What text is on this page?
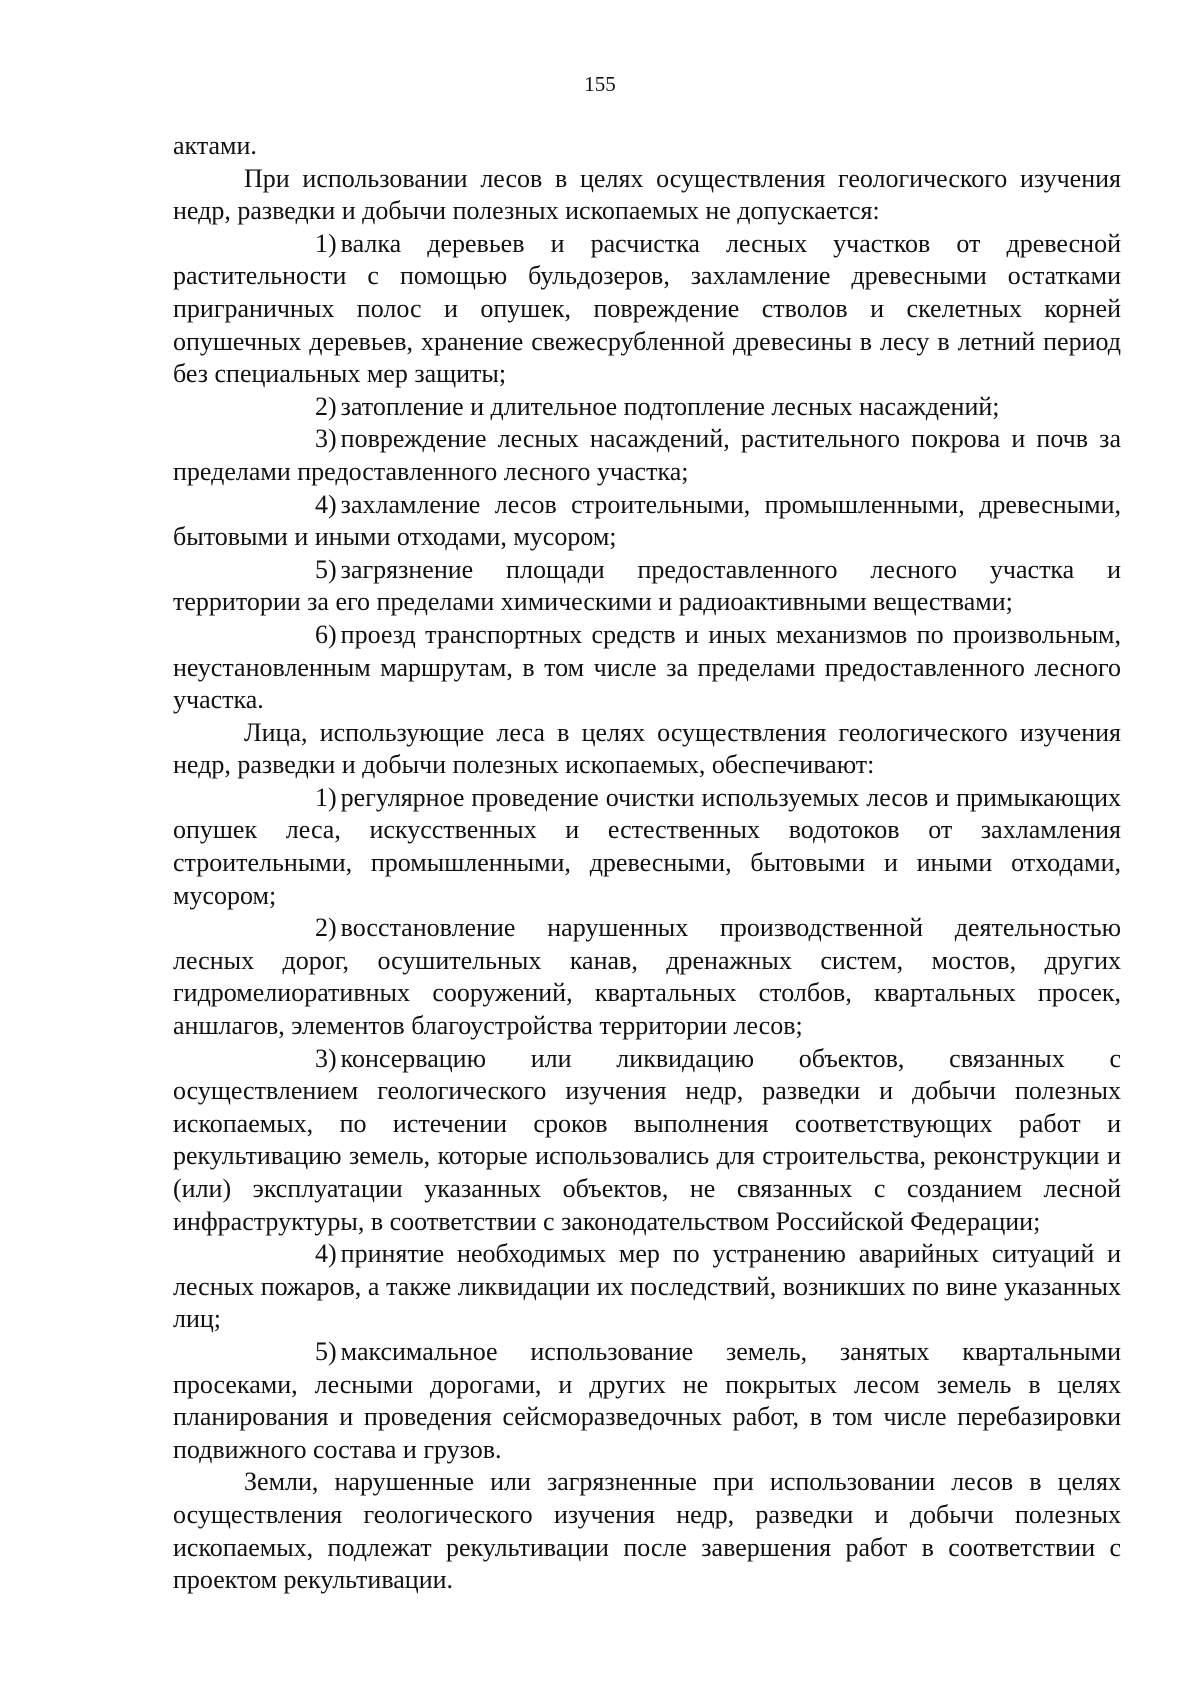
155

актами.

При использовании лесов в целях осуществления геологического изучения недр, разведки и добычи полезных ископаемых не допускается:

1) валка деревьев и расчистка лесных участков от древесной растительности с помощью бульдозеров, захламление древесными остатками приграничных полос и опушек, повреждение стволов и скелетных корней опушечных деревьев, хранение свежесрубленной древесины в лесу в летний период без специальных мер защиты;

2) затопление и длительное подтопление лесных насаждений;

3) повреждение лесных насаждений, растительного покрова и почв за пределами предоставленного лесного участка;

4) захламление лесов строительными, промышленными, древесными, бытовыми и иными отходами, мусором;

5) загрязнение площади предоставленного лесного участка и территории за его пределами химическими и радиоактивными веществами;

6) проезд транспортных средств и иных механизмов по произвольным, неустановленным маршрутам, в том числе за пределами предоставленного лесного участка.

Лица, использующие леса в целях осуществления геологического изучения недр, разведки и добычи полезных ископаемых, обеспечивают:

1) регулярное проведение очистки используемых лесов и примыкающих опушек леса, искусственных и естественных водотоков от захламления строительными, промышленными, древесными, бытовыми и иными отходами, мусором;

2) восстановление нарушенных производственной деятельностью лесных дорог, осушительных канав, дренажных систем, мостов, других гидромелиоративных сооружений, квартальных столбов, квартальных просек, аншлагов, элементов благоустройства территории лесов;

3) консервацию или ликвидацию объектов, связанных с осуществлением геологического изучения недр, разведки и добычи полезных ископаемых, по истечении сроков выполнения соответствующих работ и рекультивацию земель, которые использовались для строительства, реконструкции и (или) эксплуатации указанных объектов, не связанных с созданием лесной инфраструктуры, в соответствии с законодательством Российской Федерации;

4) принятие необходимых мер по устранению аварийных ситуаций и лесных пожаров, а также ликвидации их последствий, возникших по вине указанных лиц;

5) максимальное использование земель, занятых квартальными просеками, лесными дорогами, и других не покрытых лесом земель в целях планирования и проведения сейсморазведочных работ, в том числе перебазировки подвижного состава и грузов.

Земли, нарушенные или загрязненные при использовании лесов в целях осуществления геологического изучения недр, разведки и добычи полезных ископаемых, подлежат рекультивации после завершения работ в соответствии с проектом рекультивации.
